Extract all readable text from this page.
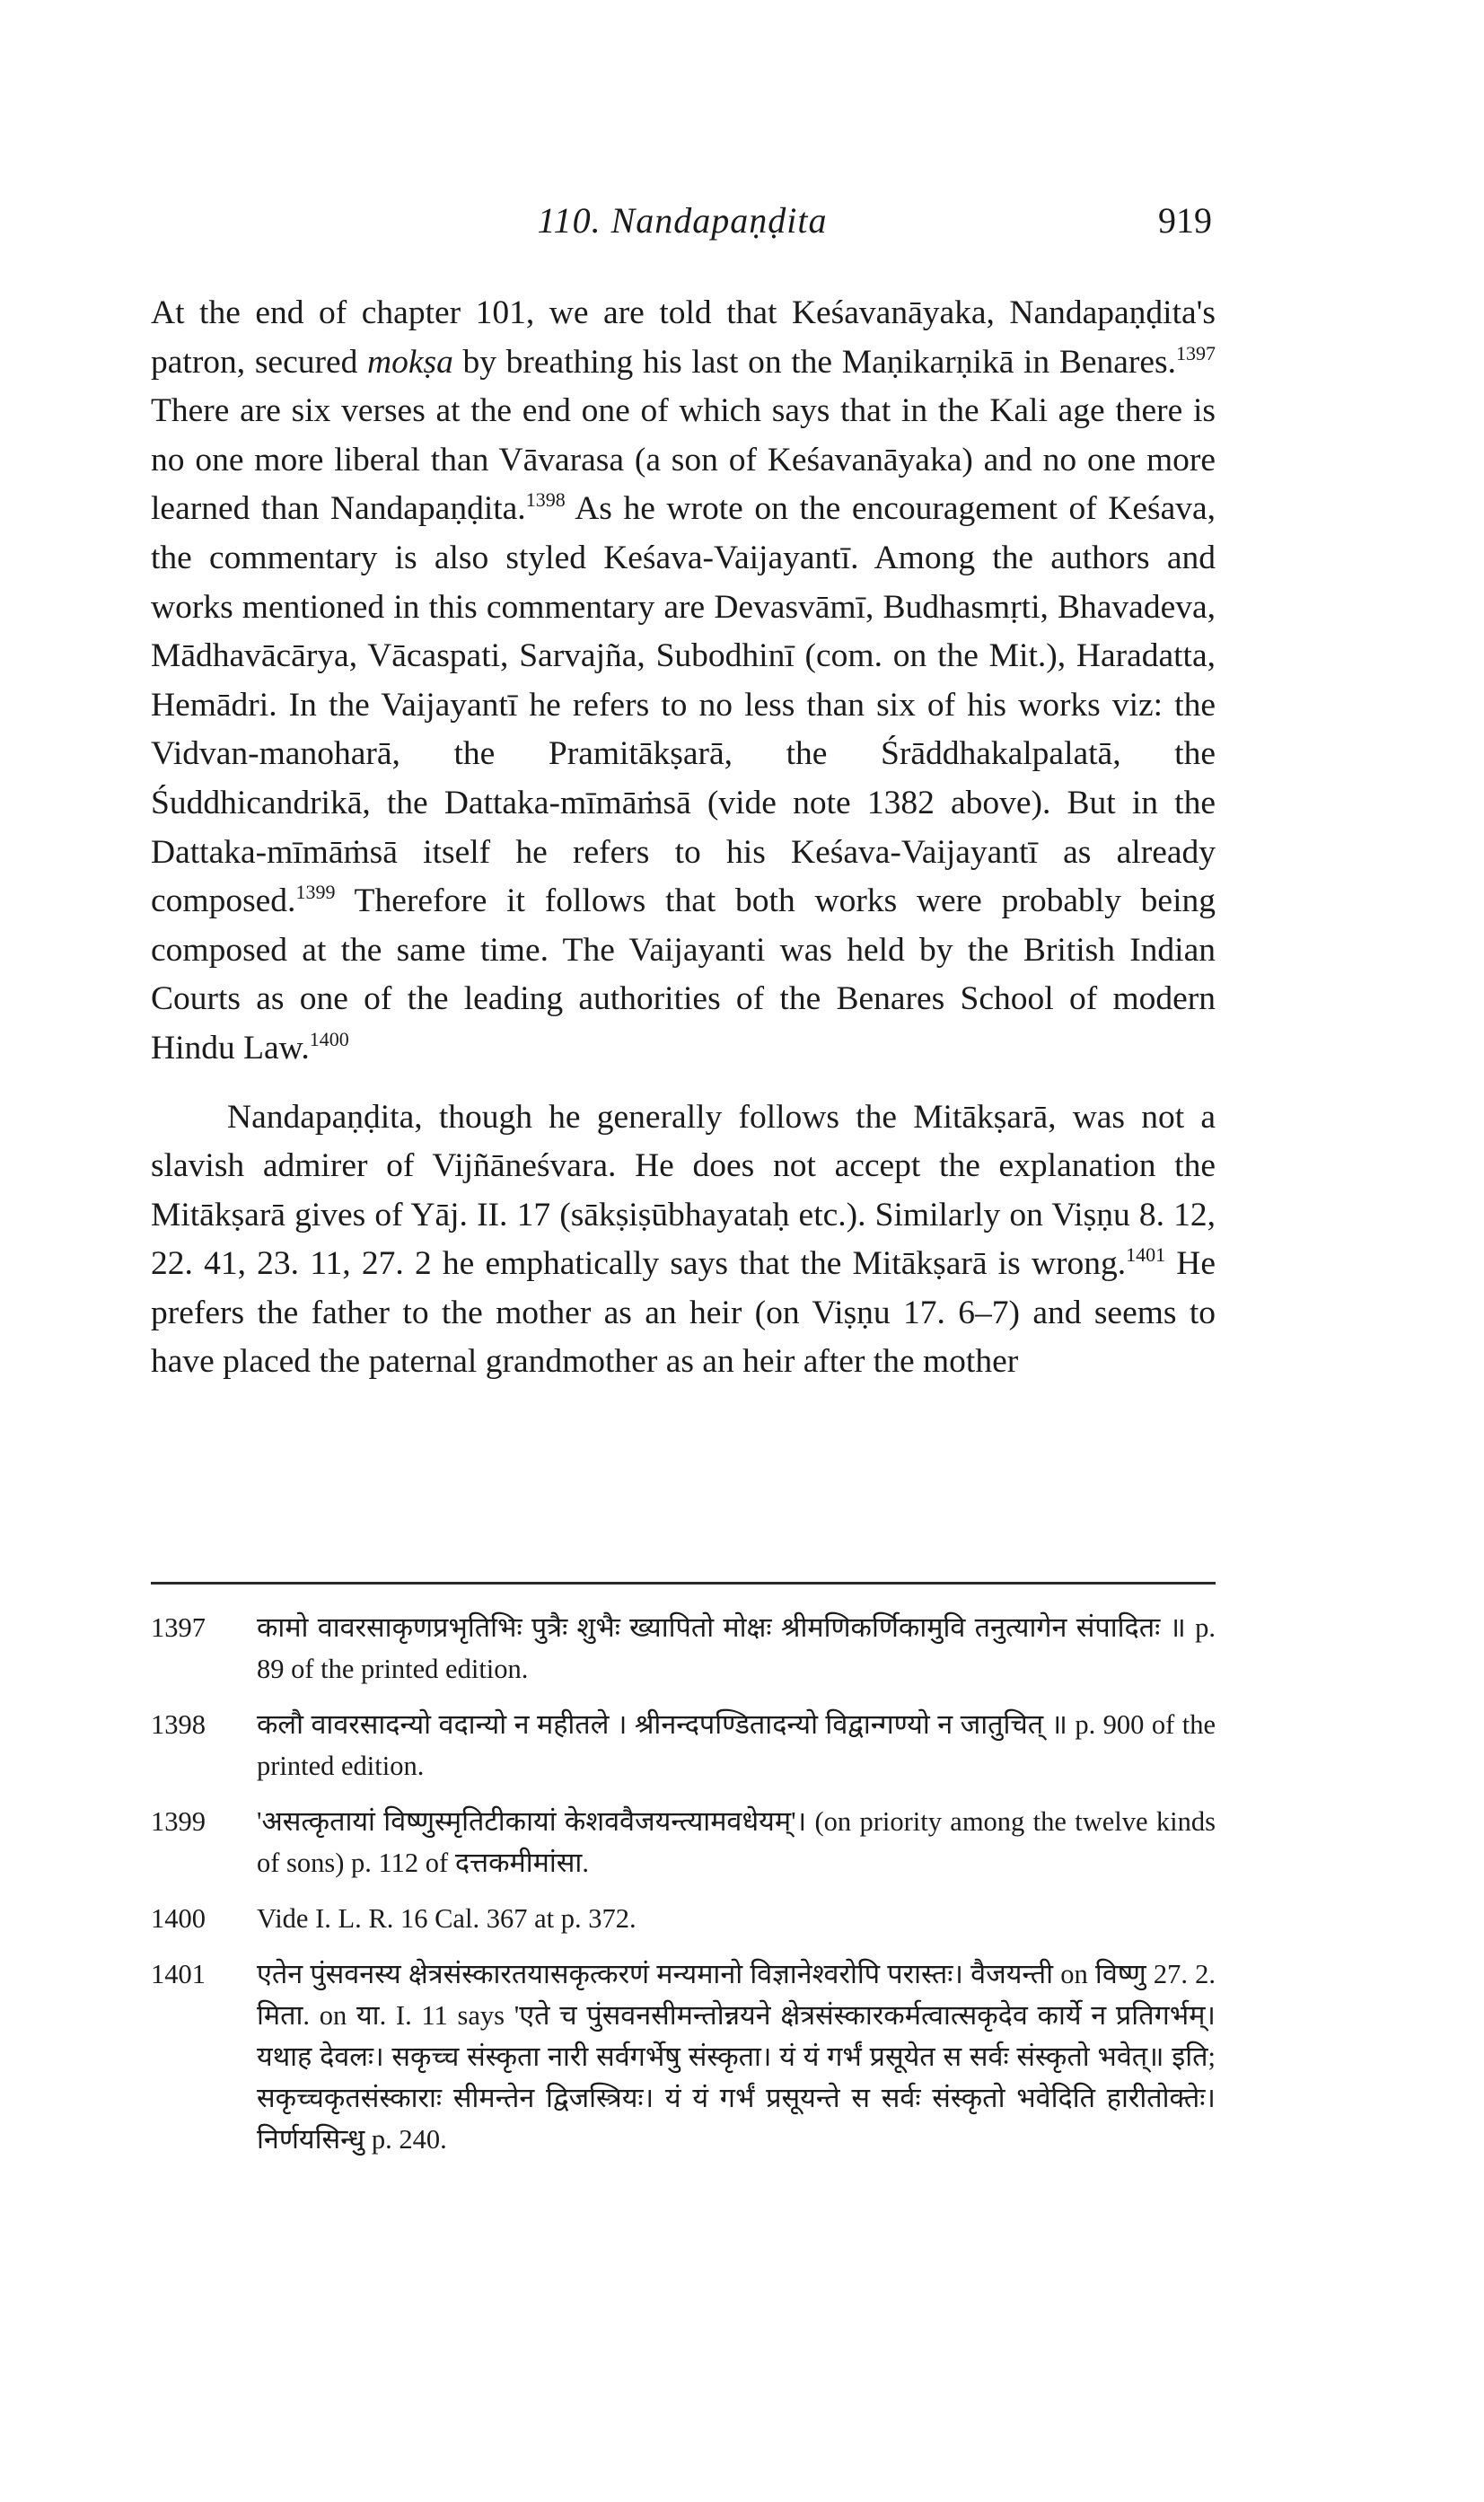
110. Nandapaṇḍita	919

At the end of chapter 101, we are told that Keśavanāyaka, Nandapaṇḍita's patron, secured mokṣa by breathing his last on the Maṇikarṇikā in Benares.$^{1397}$ There are six verses at the end one of which says that in the Kali age there is no one more liberal than Vāvarasa (a son of Keśavanāyaka) and no one more learned than Nandapaṇḍita.$^{1398}$ As he wrote on the encouragement of Keśava, the commentary is also styled Keśava-Vaijayantī. Among the authors and works mentioned in this commentary are Devasvāmī, Budhasmṛti, Bhavadeva, Mādhavācārya, Vācaspati, Sarvajña, Subodhinī (com. on the Mit.), Haradatta, Hemādri. In the Vaijayantī he refers to no less than six of his works viz: the Vidvan-manoharā, the Pramitākṣarā, the Śrāddhakalpalatā, the Śuddhicandrikā, the Dattaka-mīmāṁsā (vide note 1382 above). But in the Dattaka-mīmāṁsā itself he refers to his Keśava-Vaijayantī as already composed.$^{1399}$ Therefore it follows that both works were probably being composed at the same time. The Vaijayanti was held by the British Indian Courts as one of the leading authorities of the Benares School of modern Hindu Law.$^{1400}$

Nandapaṇḍita, though he generally follows the Mitākṣarā, was not a slavish admirer of Vijñāneśvara. He does not accept the explanation the Mitākṣarā gives of Yāj. II. 17 (sākṣiṣūbhayataḥ etc.). Similarly on Viṣṇu 8. 12, 22. 41, 23. 11, 27. 2 he emphatically says that the Mitākṣarā is wrong.$^{1401}$ He prefers the father to the mother as an heir (on Viṣṇu 17. 6–7) and seems to have placed the paternal grandmother as an heir after the mother

1397	कामो वावरसाकृणप्रभृतिभिः पुत्रैः शुभैः ख्यापितो मोक्षः श्रीमणिकर्णिकामुवि तनुत्यागेन संपादितः ॥ p. 89 of the printed edition.
1398	कलौ वावरसादन्यो वदान्यो न महीतले । श्रीनन्दपण्डितादन्यो विद्वान्गण्यो न जातुचित् ॥ p. 900 of the printed edition.
1399	'असत्कृतायां विष्णुस्मृतिटीकायां केशववैजयन्त्यामवधेयम्'। (on priority among the twelve kinds of sons) p. 112 of दत्तकमीमांसा.
1400	Vide I. L. R. 16 Cal. 367 at p. 372.
1401	एतेन पुंसवनस्य क्षेत्रसंस्कारतयासकृत्करणं मन्यमानो विज्ञानेश्वरोपि परास्तः। वैजयन्ती on विष्णु 27. 2. मिता. on या. I. 11 says 'एते च पुंसवनसीमन्तोन्नयने क्षेत्रसंस्कारकर्मत्वात्सकृदेव कार्ये न प्रतिगर्भम्। यथाह देवलः। सकृच्च संस्कृता नारी सर्वगर्भेषु संस्कृता। यं यं गर्भं प्रसूयेत स सर्वः संस्कृतो भवेत्॥ इति; सकृच्चकृतसंस्काराः सीमन्तेन द्विजस्त्रियः। यं यं गर्भं प्रसूयन्ते स सर्वः संस्कृतो भवेदिति हारीतोक्तेः। निर्णयसिन्धु p. 240.
